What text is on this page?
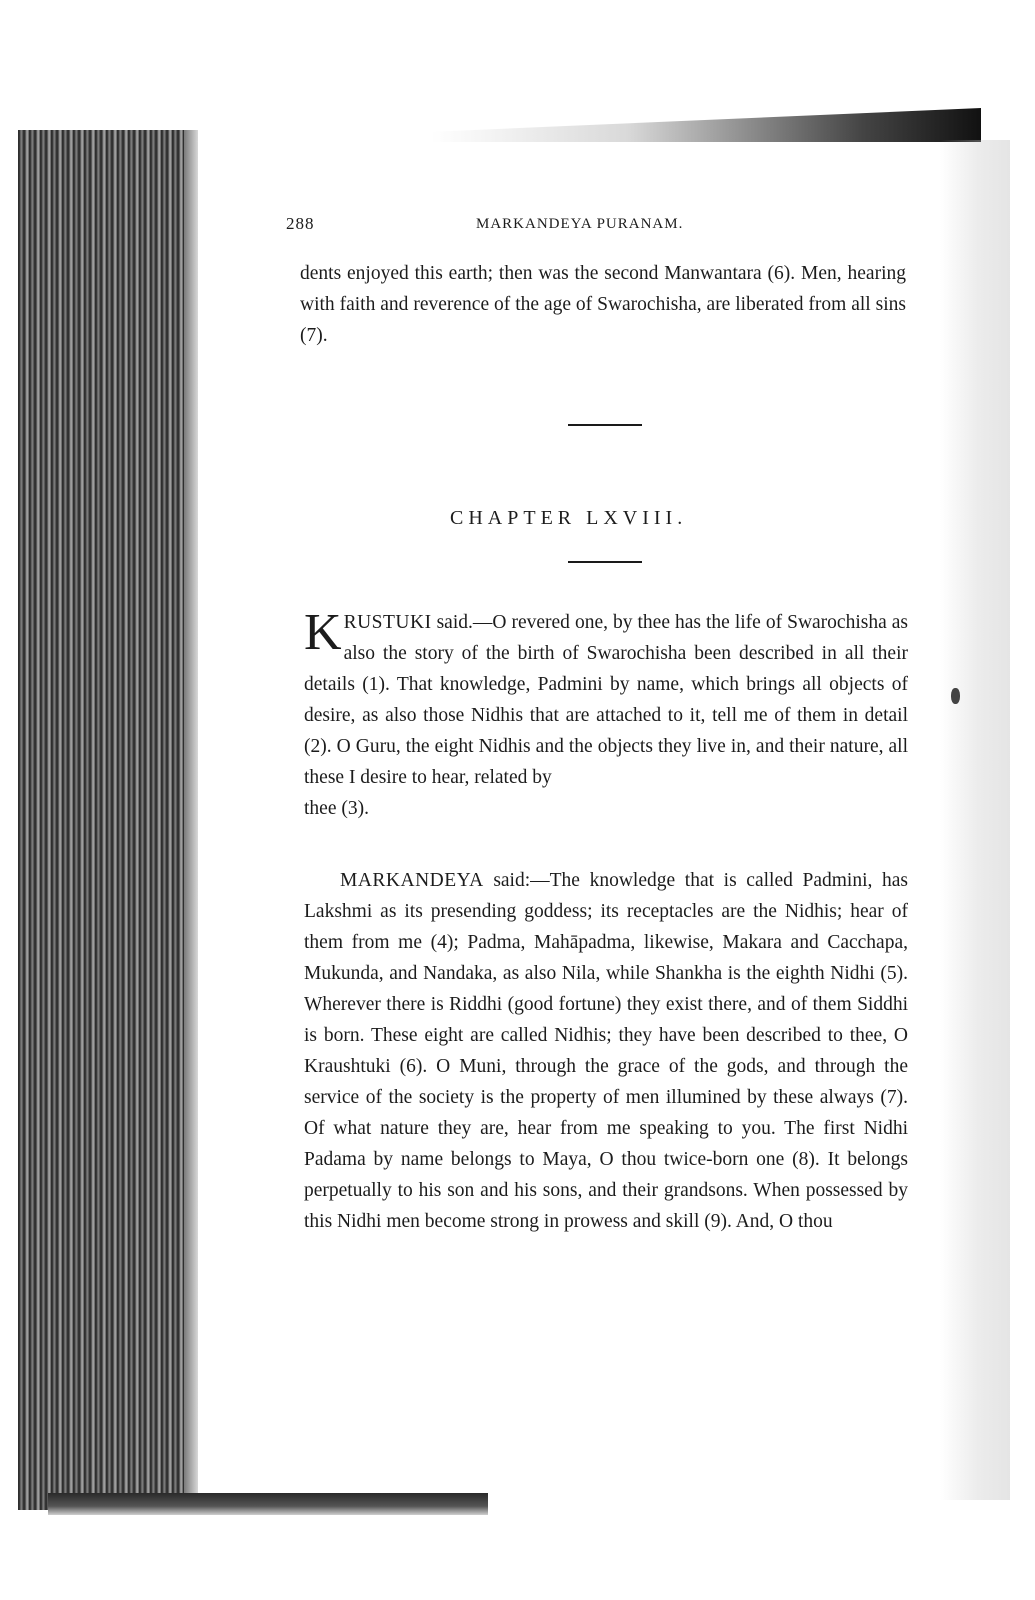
288	MARKANDEYA PURANAM.
dents enjoyed this earth; then was the second Manwantara (6). Men, hearing with faith and reverence of the age of Swarochisha, are liberated from all sins (7).
CHAPTER LXVIII.
KRUSTUKI said.—O revered one, by thee has the life of Swarochisha as also the story of the birth of Swarochisha been described in all their details (1). That knowledge, Padmini by name, which brings all objects of desire, as also those Nidhis that are attached to it, tell me of them in detail (2). O Guru, the eight Nidhis and the objects they live in, and their nature, all these I desire to hear, related by
thee (3).
MARKANDEYA said:—The knowledge that is called Padmini, has Lakshmi as its presending goddess; its receptacles are the Nidhis; hear of them from me (4); Padma, Mahāpadma, likewise, Makara and Cacchapa, Mukunda, and Nandaka, as also Nila, while Shankha is the eighth Nidhi (5). Wherever there is Riddhi (good fortune) they exist there, and of them Siddhi is born. These eight are called Nidhis; they have been described to thee, O Kraushtuki (6). O Muni, through the grace of the gods, and through the service of the society is the property of men illumined by these always (7). Of what nature they are, hear from me speaking to you. The first Nidhi Padama by name belongs to Maya, O thou twice-born one (8). It belongs perpetually to his son and his sons, and their grandsons. When possessed by this Nidhi men become strong in prowess and skill (9). And, O thou
